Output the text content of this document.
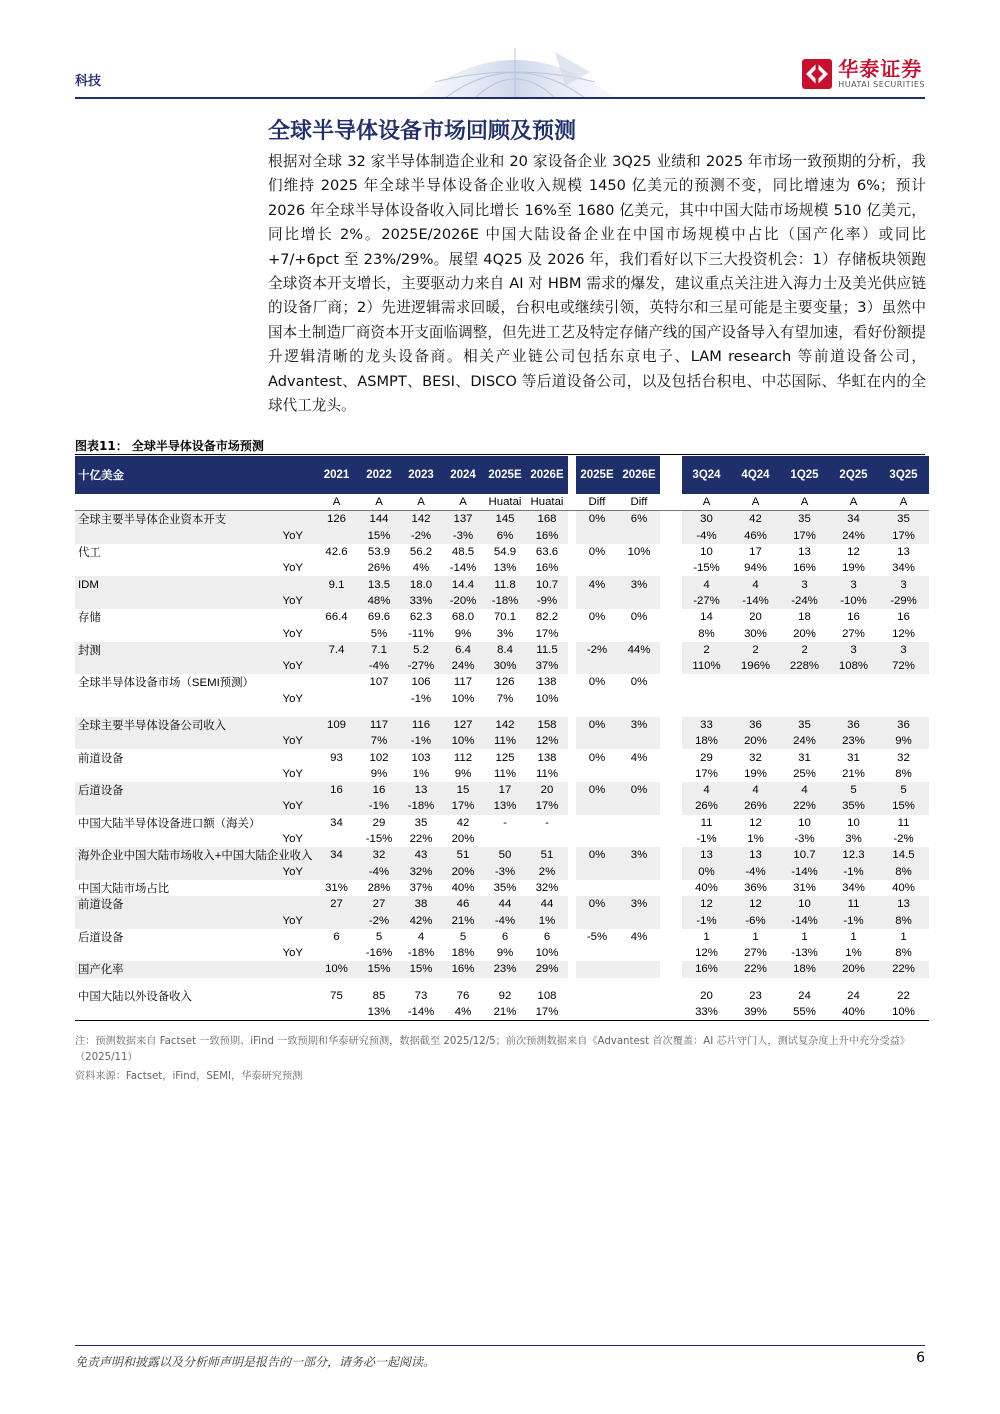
科技
华泰证券
HUATAI SECURITIES
全球半导体设备市场回顾及预测
根据对全球 32 家半导体制造企业和 20 家设备企业 3Q25 业绩和 2025 年市场一致预期的分析，我们维持 2025 年全球半导体设备企业收入规模 1450 亿美元的预测不变，同比增速为 6%；预计 2026 年全球半导体设备收入同比增长 16%至 1680 亿美元，其中中国大陆市场规模 510 亿美元，同比增长 2%。2025E/2026E 中国大陆设备企业在中国市场规模中占比（国产化率）或同比+7/+6pct 至 23%/29%。展望 4Q25 及 2026 年，我们看好以下三大投资机会：1）存储板块领跑全球资本开支增长，主要驱动力来自 AI 对 HBM 需求的爆发，建议重点关注进入海力士及美光供应链的设备厂商；2）先进逻辑需求回暖，台积电或继续引领，英特尔和三星可能是主要变量；3）虽然中国本土制造厂商资本开支面临调整，但先进工艺及特定存储产线的国产设备导入有望加速，看好份额提升逻辑清晰的龙头设备商。相关产业链公司包括东京电子、LAM research 等前道设备公司，Advantest、ASMPT、BESI、DISCO 等后道设备公司，以及包括台积电、中芯国际、华虹在内的全球代工龙头。
图表11： 全球半导体设备市场预测
十亿美金	2021	2022	2023	2024	2025E	2026E		2025E	2026E		3Q24	4Q24	1Q25	2Q25	3Q25
	A	A	A	A	Huatai	Huatai		Diff	Diff		A	A	A	A	A
全球主要半导体企业资本开支	126	144	142	137	145	168		0%	6%		30	42	35	34	35
YoY		15%	-2%	-3%	6%	16%					-4%	46%	17%	24%	17%
代工	42.6	53.9	56.2	48.5	54.9	63.6		0%	10%		10	17	13	12	13
YoY		26%	4%	-14%	13%	16%					-15%	94%	16%	19%	34%
IDM	9.1	13.5	18.0	14.4	11.8	10.7		4%	3%		4	4	3	3	3
YoY		48%	33%	-20%	-18%	-9%					-27%	-14%	-24%	-10%	-29%
存储	66.4	69.6	62.3	68.0	70.1	82.2		0%	0%		14	20	18	16	16
YoY		5%	-11%	9%	3%	17%					8%	30%	20%	27%	12%
封测	7.4	7.1	5.2	6.4	8.4	11.5		-2%	44%		2	2	2	3	3
YoY		-4%	-27%	24%	30%	37%					110%	196%	228%	108%	72%
全球半导体设备市场（SEMI预测）		107	106	117	126	138		0%	0%						
YoY			-1%	10%	7%	10%									

全球主要半导体设备公司收入	109	117	116	127	142	158		0%	3%		33	36	35	36	36
YoY		7%	-1%	10%	11%	12%					18%	20%	24%	23%	9%
前道设备	93	102	103	112	125	138		0%	4%		29	32	31	31	32
YoY		9%	1%	9%	11%	11%					17%	19%	25%	21%	8%
后道设备	16	16	13	15	17	20		0%	0%		4	4	4	5	5
YoY		-1%	-18%	17%	13%	17%					26%	26%	22%	35%	15%
中国大陆半导体设备进口额（海关）	34	29	35	42	-	-					11	12	10	10	11
YoY		-15%	22%	20%							-1%	1%	-3%	3%	-2%
海外企业中国大陆市场收入+中国大陆企业收入	34	32	43	51	50	51		0%	3%		13	13	10.7	12.3	14.5
YoY		-4%	32%	20%	-3%	2%					0%	-4%	-14%	-1%	8%
中国大陆市场占比	31%	28%	37%	40%	35%	32%					40%	36%	31%	34%	40%
前道设备	27	27	38	46	44	44		0%	3%		12	12	10	11	13
YoY		-2%	42%	21%	-4%	1%					-1%	-6%	-14%	-1%	8%
后道设备	6	5	4	5	6	6		-5%	4%		1	1	1	1	1
YoY		-16%	-18%	18%	9%	10%					12%	27%	-13%	1%	8%
国产化率	10%	15%	15%	16%	23%	29%					16%	22%	18%	20%	22%

中国大陆以外设备收入	75	85	73	76	92	108					20	23	24	24	22
		13%	-14%	4%	21%	17%					33%	39%	55%	40%	10%
注：预测数据来自 Factset 一致预期、iFind 一致预期和华泰研究预测，数据截至 2025/12/5；前次预测数据来自《Advantest 首次覆盖：AI 芯片守门人，测试复杂度上升中充分受益》（2025/11）
资料来源：Factset，iFind，SEMI，华泰研究预测
免责声明和披露以及分析师声明是报告的一部分，请务必一起阅读。	6
